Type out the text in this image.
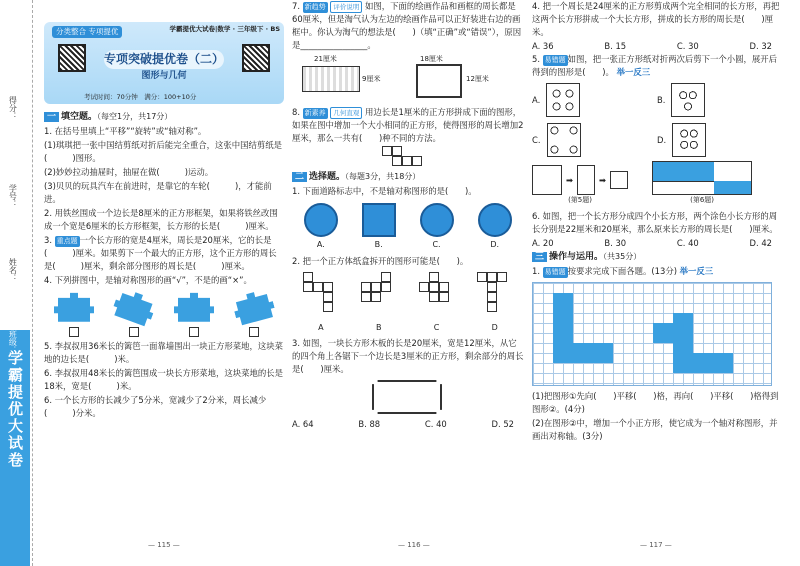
学霸提优大试卷
得分：
学号：
姓名：
班级：
分类整合 专项提优	学霸提优大试卷|数学 · 三年级下 · BS
专项突破提优卷（二）
图形与几何
考试时间：70分钟　满分：100+10分
一 填空题。（每空1分，共17分）
1. 在括号里填上“平移”“旋转”或“轴对称”。
(1)琪琪把一张中国结剪纸对折后能完全重合，这张中国结剪纸是(　　　)图形。
(2)妙妙拉动抽屉时，抽屉在做(　　　)运动。
(3)贝贝的玩具汽车在前进时，是靠它的车轮(　　　)，才能前进。
2. 用铁丝围成一个边长是8厘米的正方形框架，如果将铁丝改围成一个宽是6厘米的长方形框架，长方形的长是(　　　)厘米。
3. 重点题 一个长方形的宽是4厘米，周长是20厘米，它的长是(　　　)厘米。如果剪下一个最大的正方形，这个正方形的周长是(　　　)厘米，剩余部分图形的周长是(　　　)厘米。
4. 下列拼图中，是轴对称图形的画“√”，不是的画“×”。
5. 李叔叔用36米长的篱笆一面靠墙围出一块正方形菜地，这块菜地的边长是(　　　)米。
6. 李叔叔用48米长的篱笆围成一块长方形菜地，这块菜地的长是18米，宽是(　　　)米。
6. 一个长方形的长减少了5分米，宽减少了2分米，周长减少(　　　)分米。
— 115 —
7. 新趋势 评价说明 如图，下面的绘画作品和画框的周长都是60厘米，但是淘气认为左边的绘画作品可以正好装进右边的画框中。你认为淘气的想法是(　　)（填“正确”或“错误”），原因是________________。
21厘米
9厘米
18厘米
12厘米
8. 新素养 几何直观 用边长是1厘米的正方形拼成下面的图形，如果在图中增加一个大小相同的正方形，使得图形的周长增加2厘米，那么一共有(　　)种不同的方法。
二 选择题。（每题3分，共18分）
1. 下面道路标志中，不是轴对称图形的是(　　)。
A.	B.	C.	D.
2. 把一个正方体纸盒拆开的图形可能是(　　)。
A	B	C	D
3. 如图，一块长方形木板的长是20厘米，宽是12厘米，从它的四个角上各锯下一个边长是3厘米的正方形，剩余部分的周长是(　　)厘米。
A. 64	B. 88	C. 40	D. 52
— 116 —
4. 把一个周长是24厘米的正方形剪成两个完全相同的长方形，再把这两个长方形拼成一个大长方形，拼成的长方形的周长是(　　)厘米。
A. 36	B. 15	C. 30	D. 32
5. 易错题 如图，把一张正方形纸对折两次后剪下一个小圆，展开后得到的图形是(　　)。 举一反三
A.	B.
C.	D.
➡	➡
(第5题)	(第6题)
6. 如图，把一个长方形分成四个小长方形，两个涂色小长方形的周长分别是22厘米和20厘米，那么原来长方形的周长是(　　)厘米。
A. 20	B. 30	C. 40	D. 42
三 操作与运用。（共35分）
1. 易错题 按要求完成下面各题。(13分) 举一反三
(1)把图形①先向(　　)平移(　　)格，再向(　　)平移(　　)格得到图形②。(4分)
(2)在图形②中，增加一个小正方形，使它成为一个轴对称图形，并画出对称轴。(3分)
— 117 —
